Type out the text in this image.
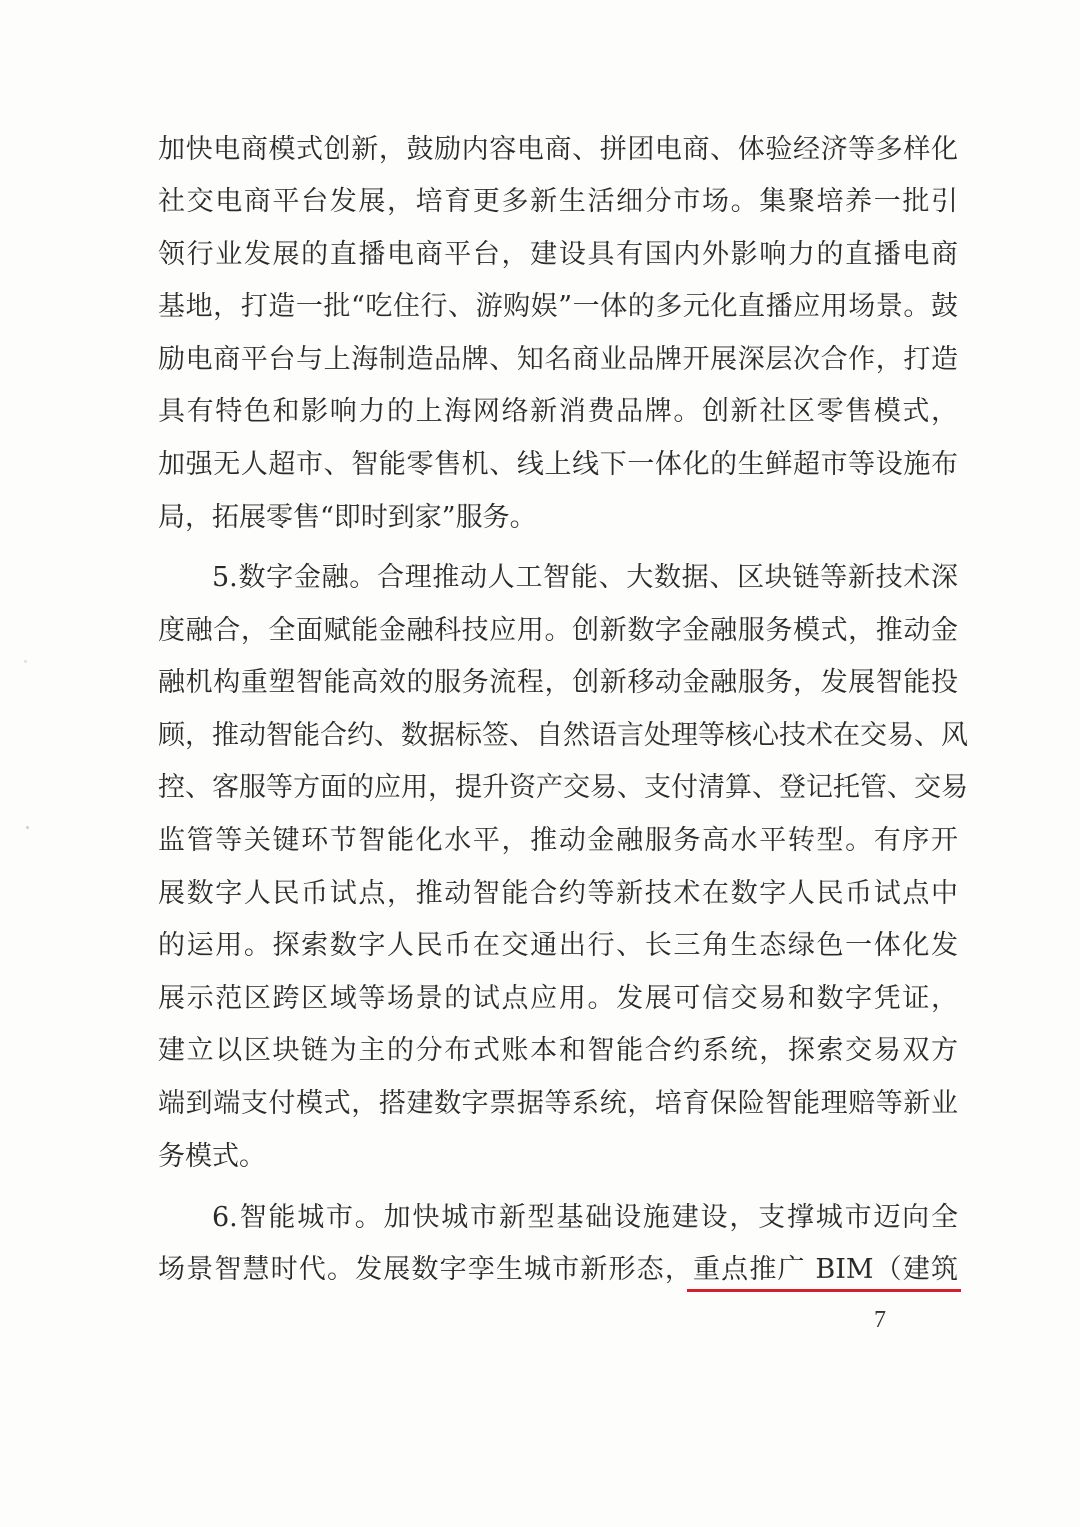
加快电商模式创新，鼓励内容电商、拼团电商、体验经济等多样化
社交电商平台发展，培育更多新生活细分市场。集聚培养一批引
领行业发展的直播电商平台，建设具有国内外影响力的直播电商
基地，打造一批“吃住行、游购娱”一体的多元化直播应用场景。鼓
励电商平台与上海制造品牌、知名商业品牌开展深层次合作，打造
具有特色和影响力的上海网络新消费品牌。创新社区零售模式，
加强无人超市、智能零售机、线上线下一体化的生鲜超市等设施布
局，拓展零售“即时到家”服务。
5.数字金融。合理推动人工智能、大数据、区块链等新技术深
度融合，全面赋能金融科技应用。创新数字金融服务模式，推动金
融机构重塑智能高效的服务流程，创新移动金融服务，发展智能投
顾，推动智能合约、数据标签、自然语言处理等核心技术在交易、风
控、客服等方面的应用，提升资产交易、支付清算、登记托管、交易
监管等关键环节智能化水平，推动金融服务高水平转型。有序开
展数字人民币试点，推动智能合约等新技术在数字人民币试点中
的运用。探索数字人民币在交通出行、长三角生态绿色一体化发
展示范区跨区域等场景的试点应用。发展可信交易和数字凭证，
建立以区块链为主的分布式账本和智能合约系统，探索交易双方
端到端支付模式，搭建数字票据等系统，培育保险智能理赔等新业
务模式。
6.智能城市。加快城市新型基础设施建设，支撑城市迈向全
场景智慧时代。发展数字孪生城市新形态，重点推广 BIM（建筑
7
